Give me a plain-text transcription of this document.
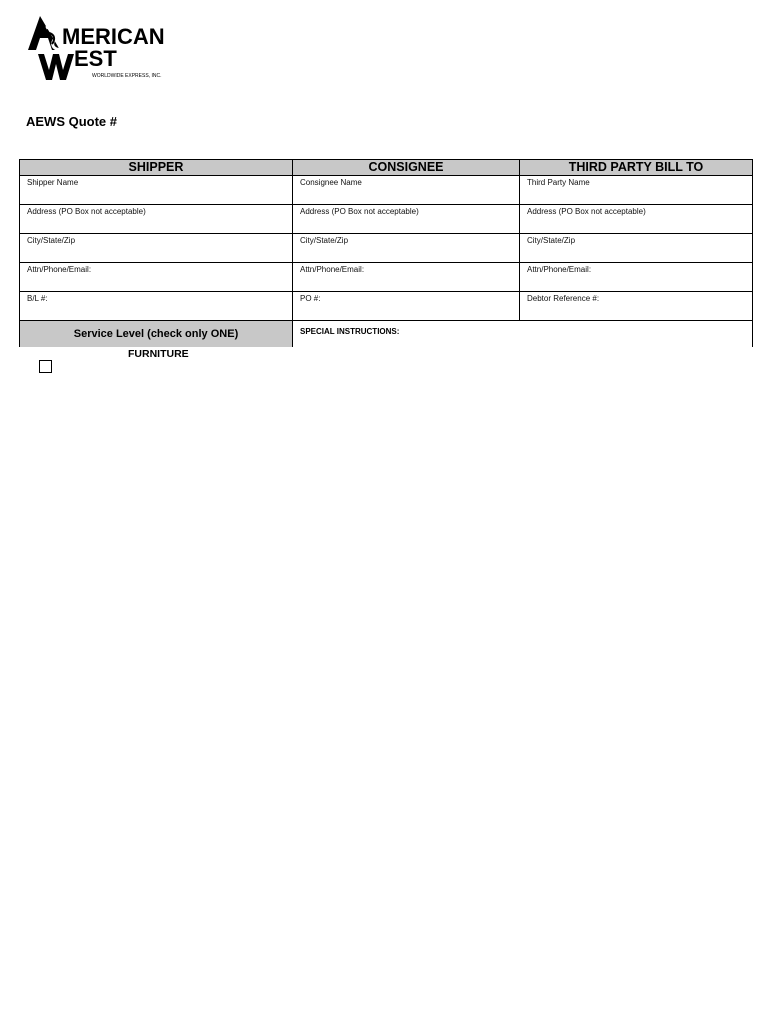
MERICAN
EST
WORLDWIDE EXPRESS, INC.
AEWS Quote #
SHIPPER	CONSIGNEE	THIRD PARTY BILL TO

Shipper Name	Consignee Name	Third Party Name

Address (PO Box not acceptable)	Address (PO Box not acceptable)	Address (PO Box not acceptable)

City/State/Zip	City/State/Zip	City/State/Zip

Attn/Phone/Email:	Attn/Phone/Email:	Attn/Phone/Email:

B/L #:	PO #:	Debtor Reference #:

Service Level (check only ONE)	SPECIAL INSTRUCTIONS:	
FURNITURE
